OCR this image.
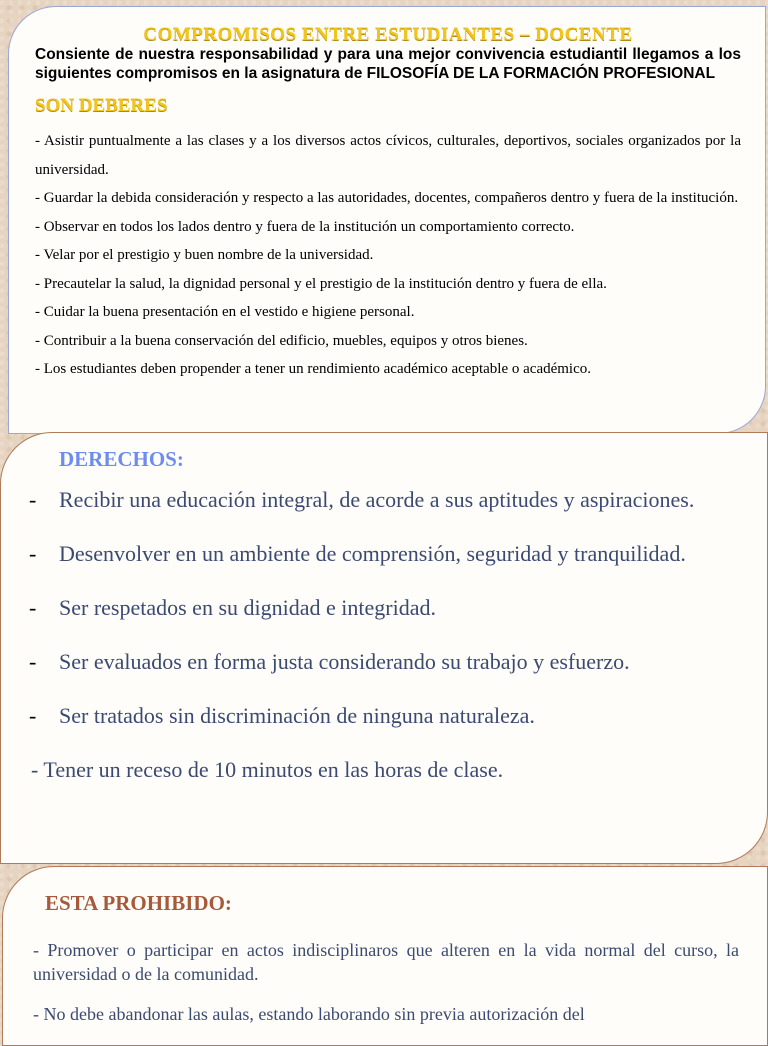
COMPROMISOS ENTRE ESTUDIANTES – DOCENTE

Consiente de nuestra responsabilidad y para una mejor convivencia estudiantil llegamos a los siguientes compromisos en la asignatura de FILOSOFÍA DE LA FORMACIÓN PROFESIONAL

SON DEBERES
- Asistir puntualmente a las clases y a los diversos actos cívicos, culturales, deportivos, sociales organizados por la universidad.
- Guardar la debida consideración y respecto a las autoridades, docentes, compañeros dentro y fuera de la institución.
- Observar en todos los lados dentro y fuera de la institución un comportamiento correcto.
- Velar por el prestigio y buen nombre de la universidad.
- Precautelar la salud, la dignidad personal y el prestigio de la institución dentro y fuera de ella.
- Cuidar la buena presentación en el vestido e higiene personal.
- Contribuir a la buena conservación del edificio, muebles, equipos y otros bienes.
- Los estudiantes deben propender a tener un rendimiento académico aceptable o académico.
DERECHOS:
- Recibir una educación integral, de acorde a sus aptitudes y aspiraciones.
- Desenvolver en un ambiente de comprensión, seguridad y tranquilidad.
- Ser respetados en su dignidad e integridad.
- Ser evaluados en forma justa considerando su trabajo y esfuerzo.
- Ser tratados sin discriminación de ninguna naturaleza.
- Tener un receso de 10 minutos en las horas de clase.
ESTA PROHIBIDO:
- Promover o participar en actos indisciplinaros que alteren en la vida normal del curso, la universidad o de la comunidad.
- No debe abandonar las aulas, estando laborando sin previa autorización del
